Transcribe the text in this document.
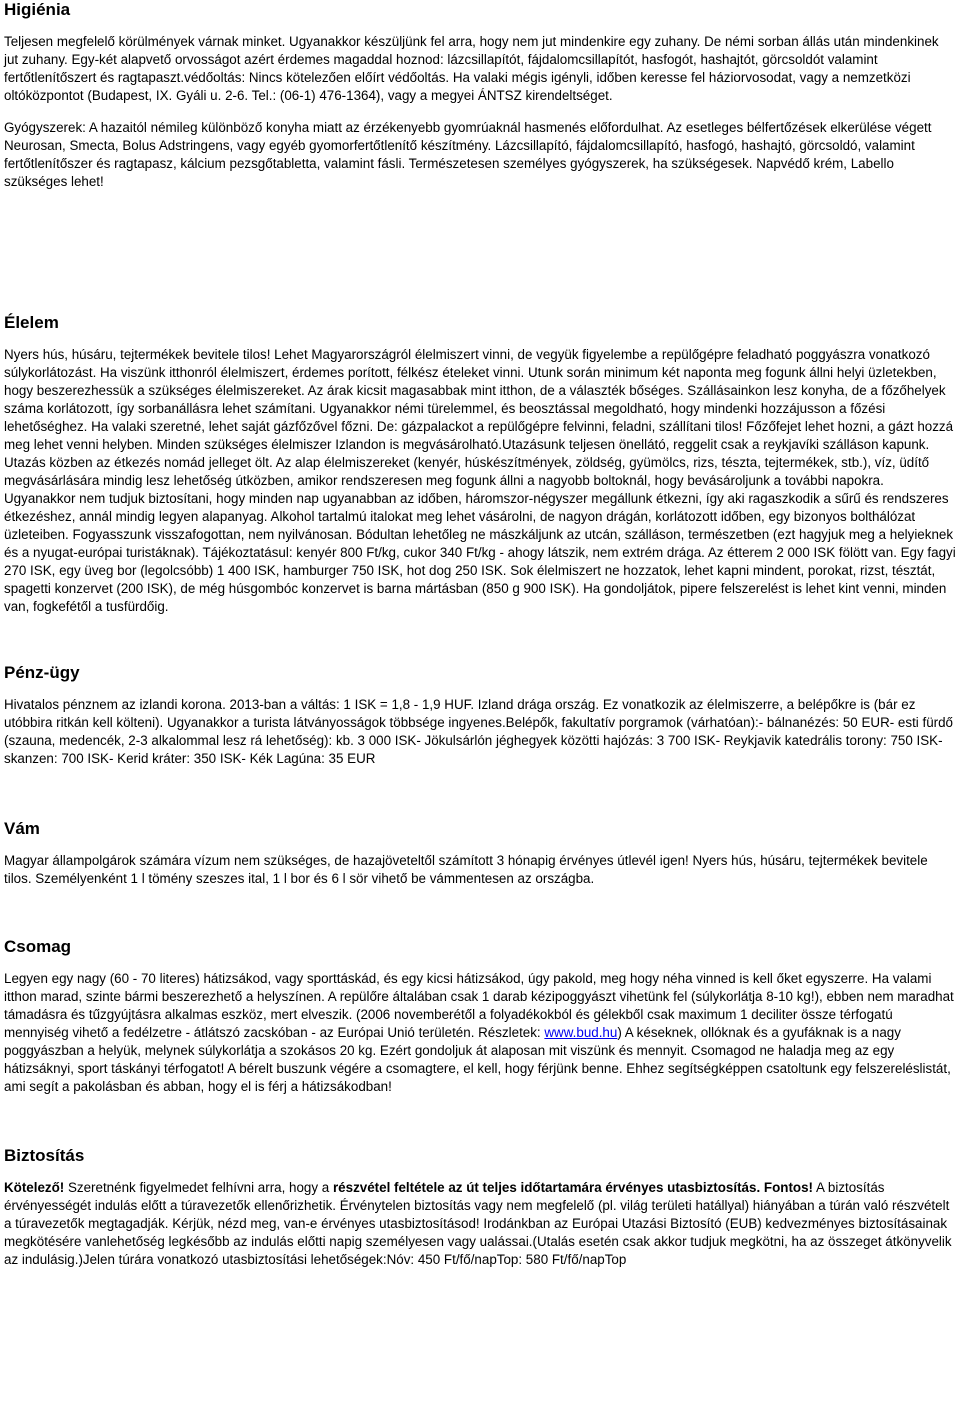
Higiénia

Teljesen megfelelő körülmények várnak minket. Ugyanakkor készüljünk fel arra, hogy nem jut mindenkire egy zuhany. De némi sorban állás után mindenkinek jut zuhany. Egy-két alapvető orvosságot azért érdemes magaddal hoznod: lázcsillapítót, fájdalomcsillapítót, hasfogót, hashajtót, görcsoldót valamint fertőtlenítőszert és ragtapaszt.védőoltás: Nincs kötelezően előírt védőoltás. Ha valaki mégis igényli, időben keresse fel háziorvosodat, vagy a nemzetközi oltóközpontot (Budapest, IX. Gyáli u. 2-6. Tel.: (06-1) 476-1364), vagy a megyei ÁNTSZ kirendeltséget.

Gyógyszerek: A hazaitól némileg különböző konyha miatt az érzékenyebb gyomrúaknál hasmenés előfordulhat. Az esetleges bélfertőzések elkerülése végett Neurosan, Smecta, Bolus Adstringens, vagy egyéb gyomorfertőtlenítő készítmény. Lázcsillapító, fájdalomcsillapító, hasfogó, hashajtó, görcsoldó, valamint fertőtlenítőszer és ragtapasz, kálcium pezsgőtabletta, valamint fásli. Természetesen személyes gyógyszerek, ha szükségesek. Napvédő krém, Labello szükséges lehet!

Élelem

Nyers hús, húsáru, tejtermékek bevitele tilos! Lehet Magyarországról élelmiszert vinni, de vegyük figyelembe a repülőgépre feladható poggyászra vonatkozó súlykorlátozást. Ha viszünk itthonról élelmiszert, érdemes porított, félkész ételeket vinni. Utunk során minimum két naponta meg fogunk állni helyi üzletekben, hogy beszerezhessük a szükséges élelmiszereket. Az árak kicsit magasabbak mint itthon, de a választék bőséges. Szállásainkon lesz konyha, de a főzőhelyek száma korlátozott, így sorbanállásra lehet számítani. Ugyanakkor némi türelemmel, és beosztással megoldható, hogy mindenki hozzájusson a főzési lehetőséghez. Ha valaki szeretné, lehet saját gázfőzővel főzni. De: gázpalackot a repülőgépre felvinni, feladni, szállítani tilos! Főzőfejet lehet hozni, a gázt hozzá meg lehet venni helyben. Minden szükséges élelmiszer Izlandon is megvásárolható.Utazásunk teljesen önellátó, reggelit csak a reykjavíki szálláson kapunk. Utazás közben az étkezés nomád jelleget ölt. Az alap élelmiszereket (kenyér, húskészítmények, zöldség, gyümölcs, rizs, tészta, tejtermékek, stb.), víz, üdítő megvásárlására mindig lesz lehetőség útközben, amikor rendszeresen meg fogunk állni a nagyobb boltoknál, hogy bevásároljunk a további napokra. Ugyanakkor nem tudjuk biztosítani, hogy minden nap ugyanabban az időben, háromszor-négyszer megállunk étkezni, így aki ragaszkodik a sűrű és rendszeres étkezéshez, annál mindig legyen alapanyag. Alkohol tartalmú italokat meg lehet vásárolni, de nagyon drágán, korlátozott időben, egy bizonyos bolthálózat üzleteiben. Fogyasszunk visszafogottan, nem nyilvánosan. Bódultan lehetőleg ne mászkáljunk az utcán, szálláson, természetben (ezt hagyjuk meg a helyieknek és a nyugat-európai turistáknak). Tájékoztatásul: kenyér 800 Ft/kg, cukor 340 Ft/kg - ahogy látszik, nem extrém drága. Az étterem 2 000 ISK fölött van. Egy fagyi 270 ISK, egy üveg bor (legolcsóbb) 1 400 ISK, hamburger 750 ISK, hot dog 250 ISK. Sok élelmiszert ne hozzatok, lehet kapni mindent, porokat, rizst, tésztát, spagetti konzervet (200 ISK), de még húsgombóc konzervet is barna mártásban (850 g 900 ISK). Ha gondoljátok, pipere felszerelést is lehet kint venni, minden van, fogkefétől a tusfürdőig.

Pénz-ügy

Hivatalos pénznem az izlandi korona. 2013-ban a váltás: 1 ISK = 1,8 - 1,9 HUF. Izland drága ország. Ez vonatkozik az élelmiszerre, a belépőkre is (bár ez utóbbira ritkán kell költeni). Ugyanakkor a turista látványosságok többsége ingyenes.Belépők, fakultatív porgramok (várhatóan):- bálnanézés: 50 EUR- esti fürdő (szauna, medencék, 2-3 alkalommal lesz rá lehetőség): kb. 3 000 ISK- Jökulsárlón jéghegyek közötti hajózás: 3 700 ISK- Reykjavik katedrális torony: 750 ISK- skanzen: 700 ISK- Kerid kráter: 350 ISK- Kék Lagúna: 35 EUR

Vám

Magyar állampolgárok számára vízum nem szükséges, de hazajöveteltől számított 3 hónapig érvényes útlevél igen! Nyers hús, húsáru, tejtermékek bevitele tilos. Személyenként 1 l tömény szeszes ital, 1 l bor és 6 l sör vihető be vámmentesen az országba.

Csomag

Legyen egy nagy (60 - 70 literes) hátizsákod, vagy sporttáskád, és egy kicsi hátizsákod, úgy pakold, meg hogy néha vinned is kell őket egyszerre. Ha valami itthon marad, szinte bármi beszerezhető a helyszínen. A repülőre általában csak 1 darab kézipoggyászt vihetünk fel (súlykorlátja 8-10 kg!), ebben nem maradhat támadásra és tűzgyújtásra alkalmas eszköz, mert elveszik. (2006 novemberétől a folyadékokból és gélekből csak maximum 1 deciliter össze térfogatú mennyiség vihető a fedélzetre - átlátszó zacskóban - az Európai Unió területén. Részletek: www.bud.hu) A késeknek, ollóknak és a gyufáknak is a nagy poggyászban a helyük, melynek súlykorlátja a szokásos 20 kg. Ezért gondoljuk át alaposan mit viszünk és mennyit. Csomagod ne haladja meg az egy hátizsáknyi, sport táskányi térfogatot! A bérelt buszunk végére a csomagtere, el kell, hogy férjünk benne. Ehhez segítségképpen csatoltunk egy felszereléslistát, ami segít a pakolásban és abban, hogy el is férj a hátizsákodban!

Biztosítás

Kötelező! Szeretnénk figyelmedet felhívni arra, hogy a részvétel feltétele az út teljes időtartamára érvényes utasbiztosítás. Fontos! A biztosítás érvényességét indulás előtt a túravezetők ellenőrizhetik. Érvénytelen biztosítás vagy nem megfelelő (pl. világ területi hatállyal) hiányában a túrán való részvételt a túravezetők megtagadják. Kérjük, nézd meg, van-e érvényes utasbiztosításod! Irodánkban az Európai Utazási Biztosító (EUB) kedvezményes biztosításainak megkötésére vanlehetőség legkésőbb az indulás előtti napig személyesen vagy ualássai.(Utalás esetén csak akkor tudjuk megkötni, ha az összeget átkönyvelik az indulásig.)Jelen túrára vonatkozó utasbiztosítási lehetőségek:Nóv: 450 Ft/fő/napTop: 580 Ft/fő/napTop
